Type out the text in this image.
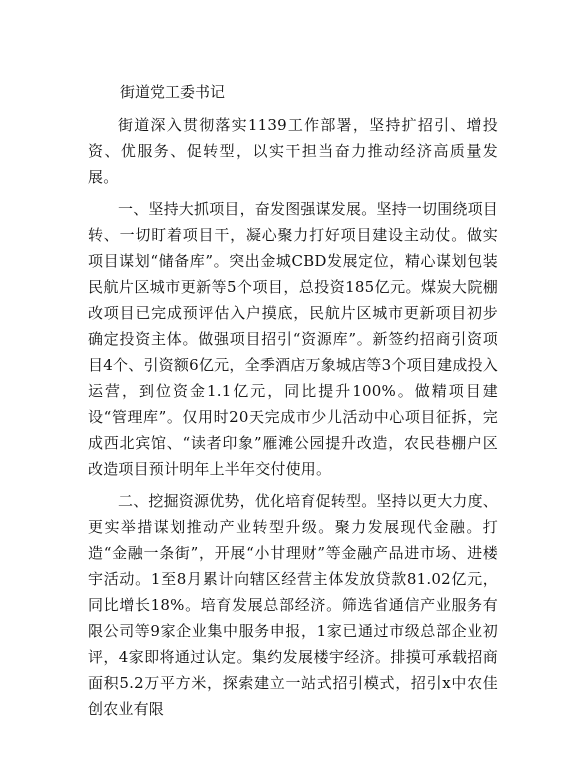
街道党工委书记

街道深入贯彻落实1139工作部署，坚持扩招引、增投资、优服务、促转型，以实干担当奋力推动经济高质量发展。

一、坚持大抓项目，奋发图强谋发展。坚持一切围绕项目转、一切盯着项目干，凝心聚力打好项目建设主动仗。做实项目谋划“储备库”。突出金城CBD发展定位，精心谋划包装民航片区城市更新等5个项目，总投资185亿元。煤炭大院棚改项目已完成预评估入户摸底，民航片区城市更新项目初步确定投资主体。做强项目招引“资源库”。新签约招商引资项目4个、引资额6亿元，全季酒店万象城店等3个项目建成投入运营，到位资金1.1亿元，同比提升100%。做精项目建设“管理库”。仅用时20天完成市少儿活动中心项目征拆，完成西北宾馆、“读者印象”雁滩公园提升改造，农民巷棚户区改造项目预计明年上半年交付使用。

二、挖掘资源优势，优化培育促转型。坚持以更大力度、更实举措谋划推动产业转型升级。聚力发展现代金融。打造“金融一条街”，开展“小甘理财”等金融产品进市场、进楼宇活动。1至8月累计向辖区经营主体发放贷款81.02亿元，同比增长18%。培育发展总部经济。筛选省通信产业服务有限公司等9家企业集中服务申报，1家已通过市级总部企业初评，4家即将通过认定。集约发展楼宇经济。排摸可承载招商面积5.2万平方米，探索建立一站式招引模式，招引x中农佳创农业有限
